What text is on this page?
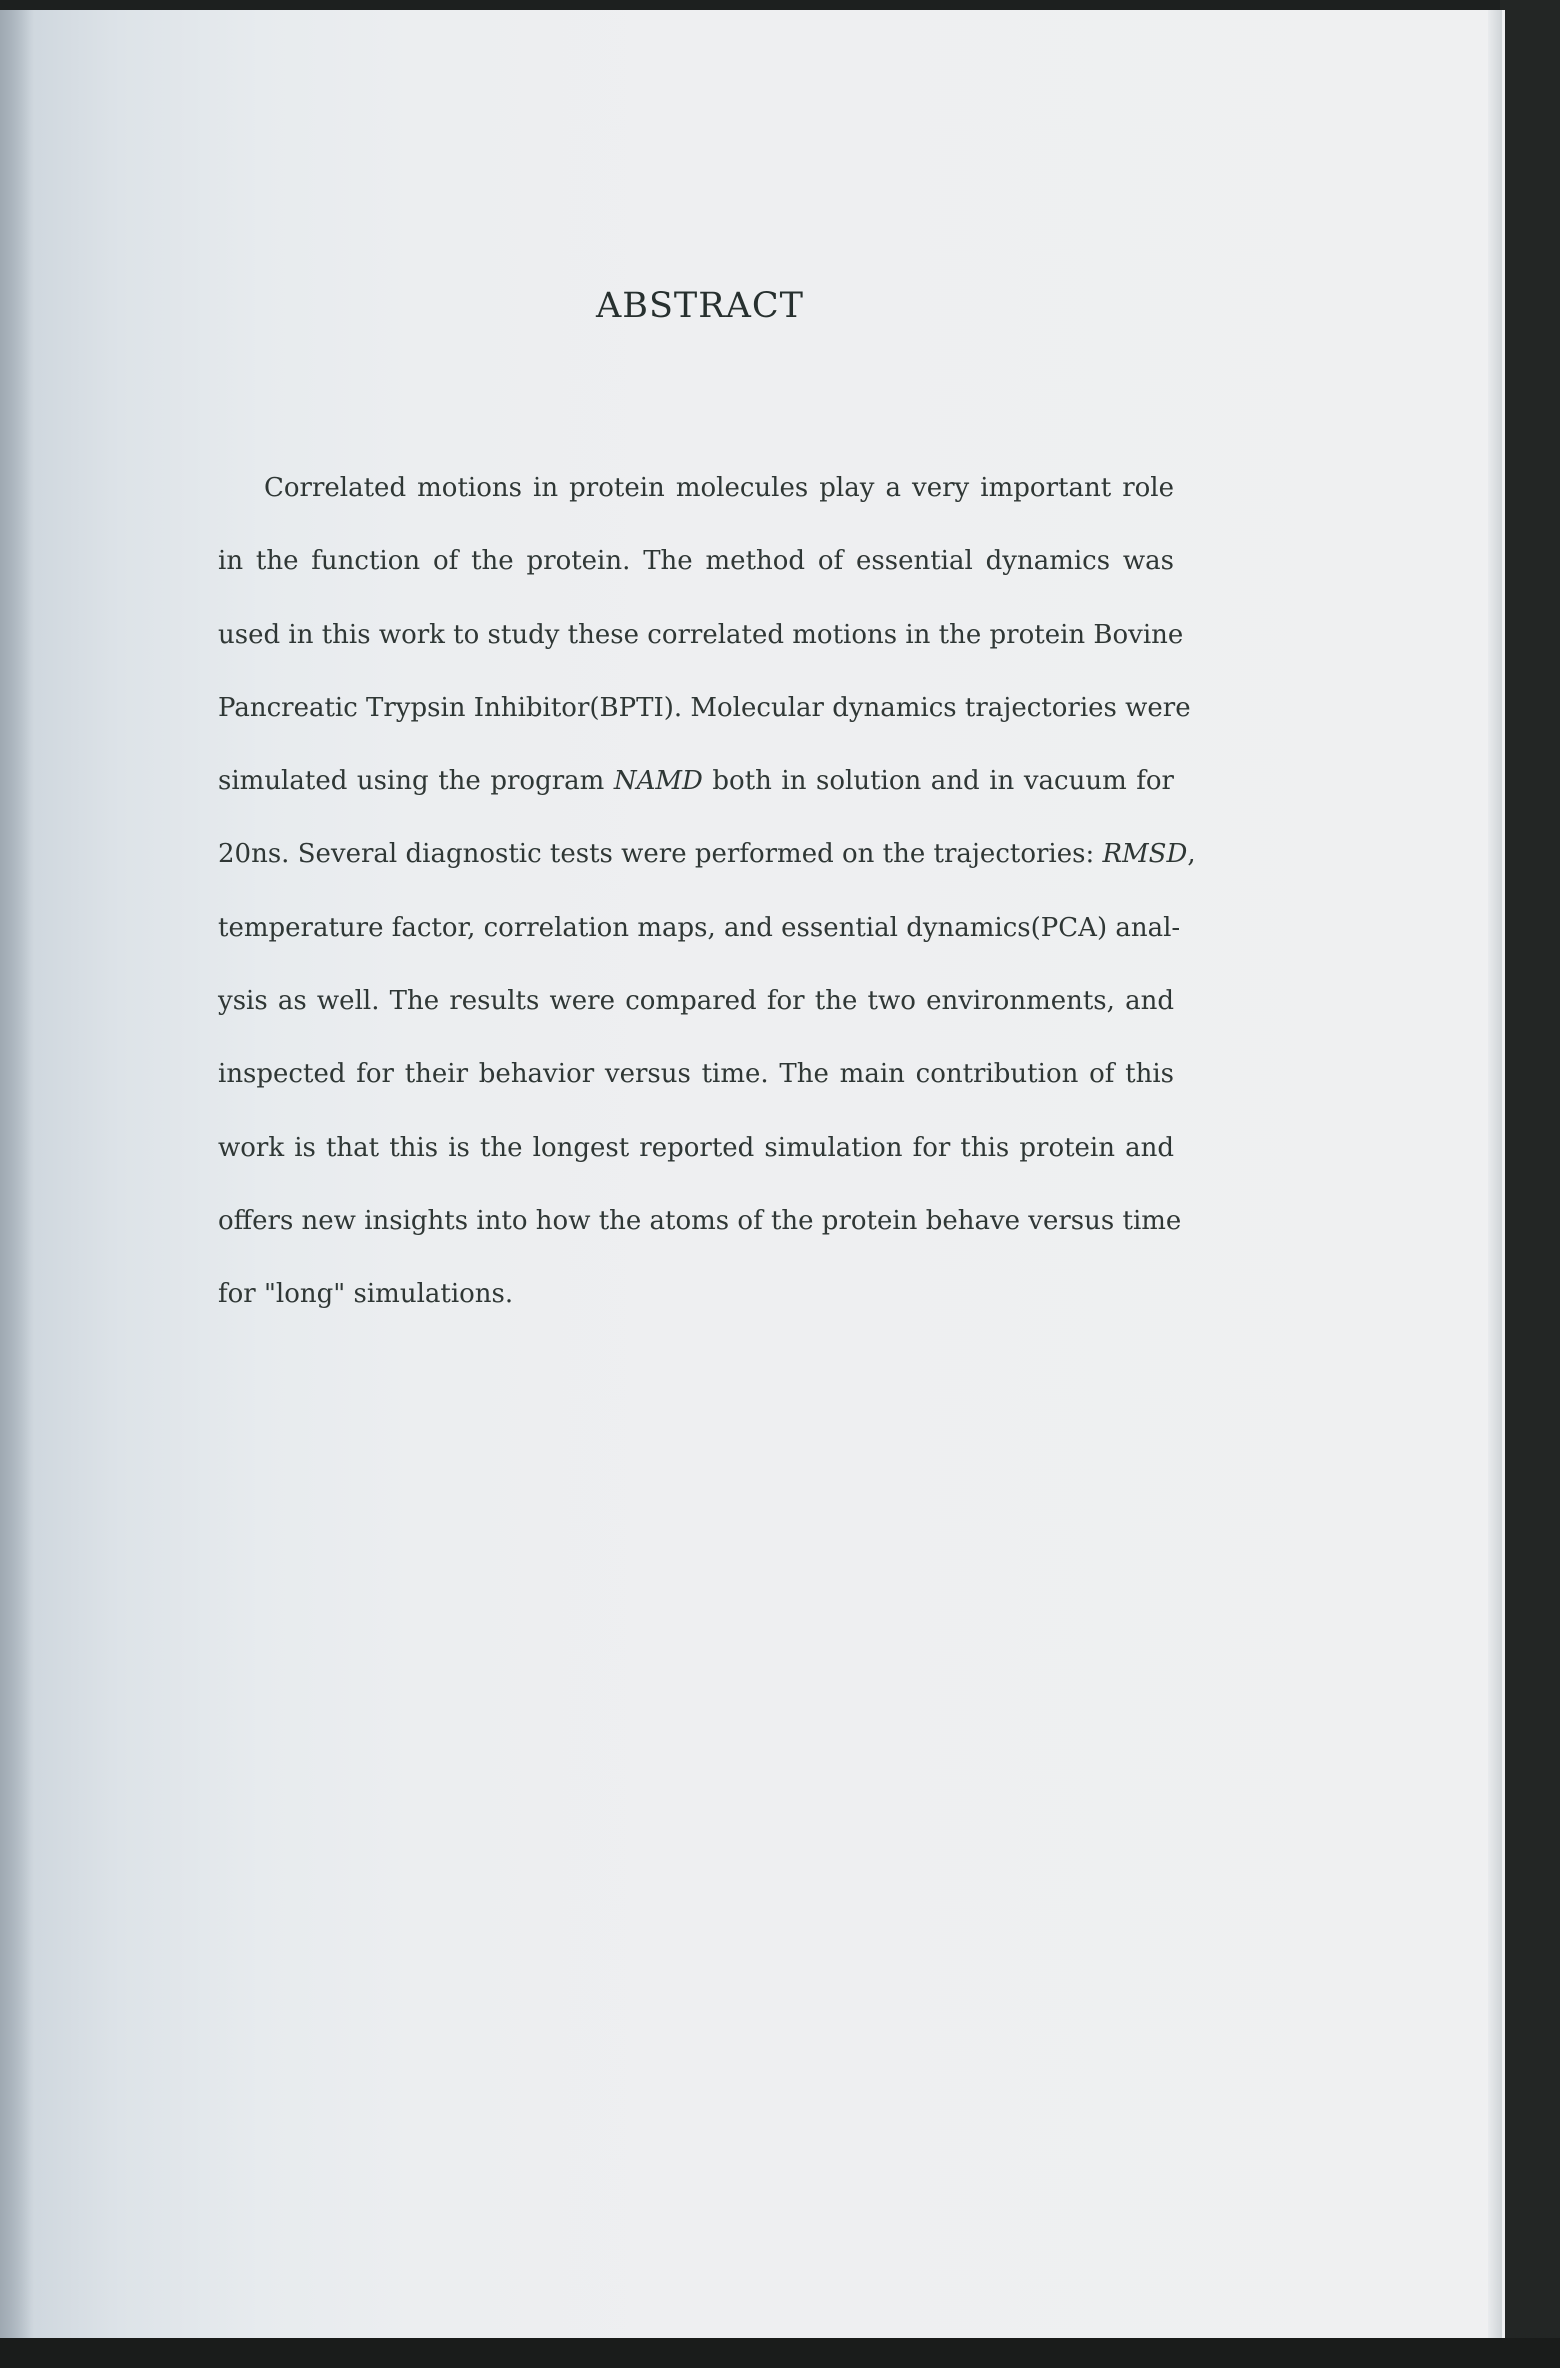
ABSTRACT
Correlated motions in protein molecules play a very important role
in the function of the protein. The method of essential dynamics was
used in this work to study these correlated motions in the protein Bovine
Pancreatic Trypsin Inhibitor(BPTI). Molecular dynamics trajectories were
simulated using the program NAMD both in solution and in vacuum for
20ns. Several diagnostic tests were performed on the trajectories: RMSD,
temperature factor, correlation maps, and essential dynamics(PCA) anal-
ysis as well. The results were compared for the two environments, and
inspected for their behavior versus time. The main contribution of this
work is that this is the longest reported simulation for this protein and
offers new insights into how the atoms of the protein behave versus time
for "long" simulations.
